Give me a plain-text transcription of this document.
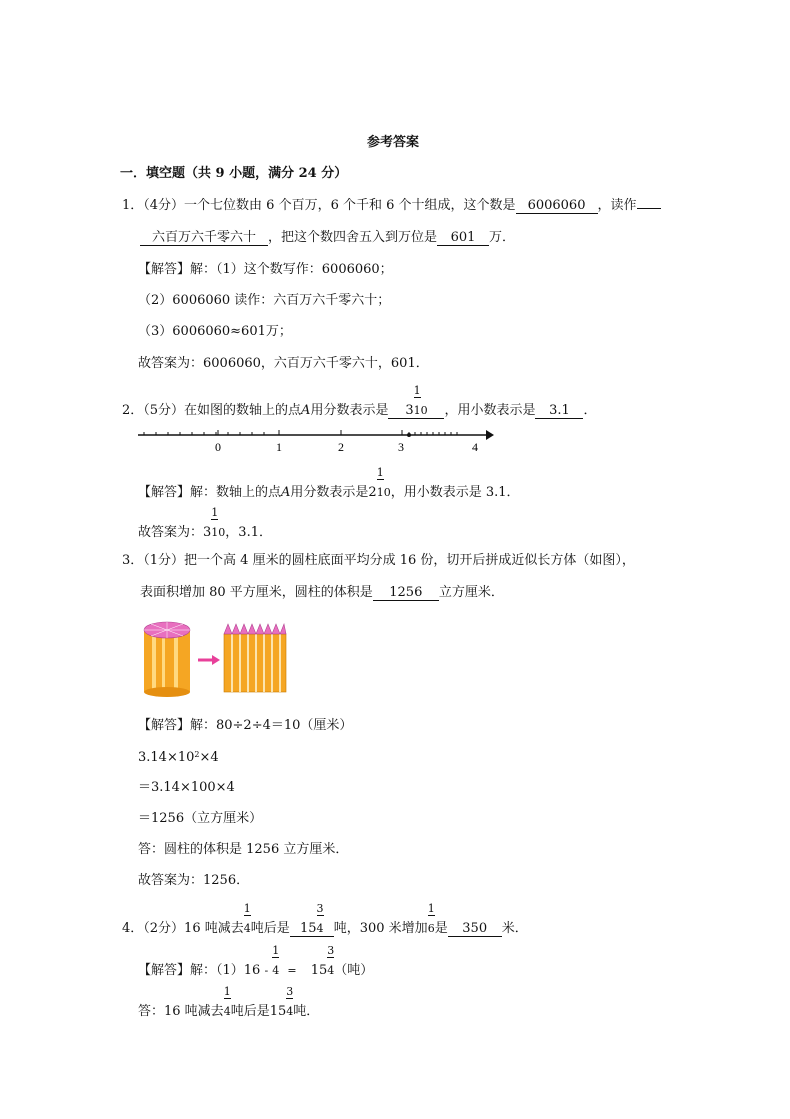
参考答案
一．填空题（共 9 小题，满分 24 分）
1．（4分）一个七位数由 6 个百万，6 个千和 6 个十组成，这个数是 6006060 ，读作
六百万六千零六十 ，把这个数四舍五入到万位是 601 万．
【解答】解：（1）这个数写作：6006060；
（2）6006060 读作：六百万六千零六十；
（3）6006060≈601万；
故答案为：6006060，六百万六千零六十，601．
2．（5分）在如图的数轴上的点A用分数表示是 $3 \frac{1}{^{10}}$ ，用小数表示是 3.1 ．
0	1	2	3	4
【解答】解：数轴上的点A用分数表示是$2 \frac{1}{^{10}}$，用小数表示是 3.1．
故答案为：$3 \frac{1}{^{10}}$，3.1．
3．（1分）把一个高 4 厘米的圆柱底面平均分成 16 份，切开后拼成近似长方体（如图），
表面积增加 80 平方厘米，圆柱的体积是 1256 立方厘米．
【解答】解：80÷2÷4＝10（厘米）
$3.14\times 10^2\times 4$
＝3.14×100×4
＝1256（立方厘米）
答：圆柱的体积是 1256 立方厘米．
故答案为：1256．
4．（2分）16 吨减去 $\frac{1}{^4}$吨后是 $15 \frac{3}{^4}$ 吨，300 米增加 $\frac{1}{^6}$是 350 米．
【解答】解：$(1)16 - \frac{1}{^4} = 15 \frac{3}{^4}$（吨）
答：16 吨减去 $\frac{1}{^4}$吨后是$15 \frac{3}{^4}$吨．
